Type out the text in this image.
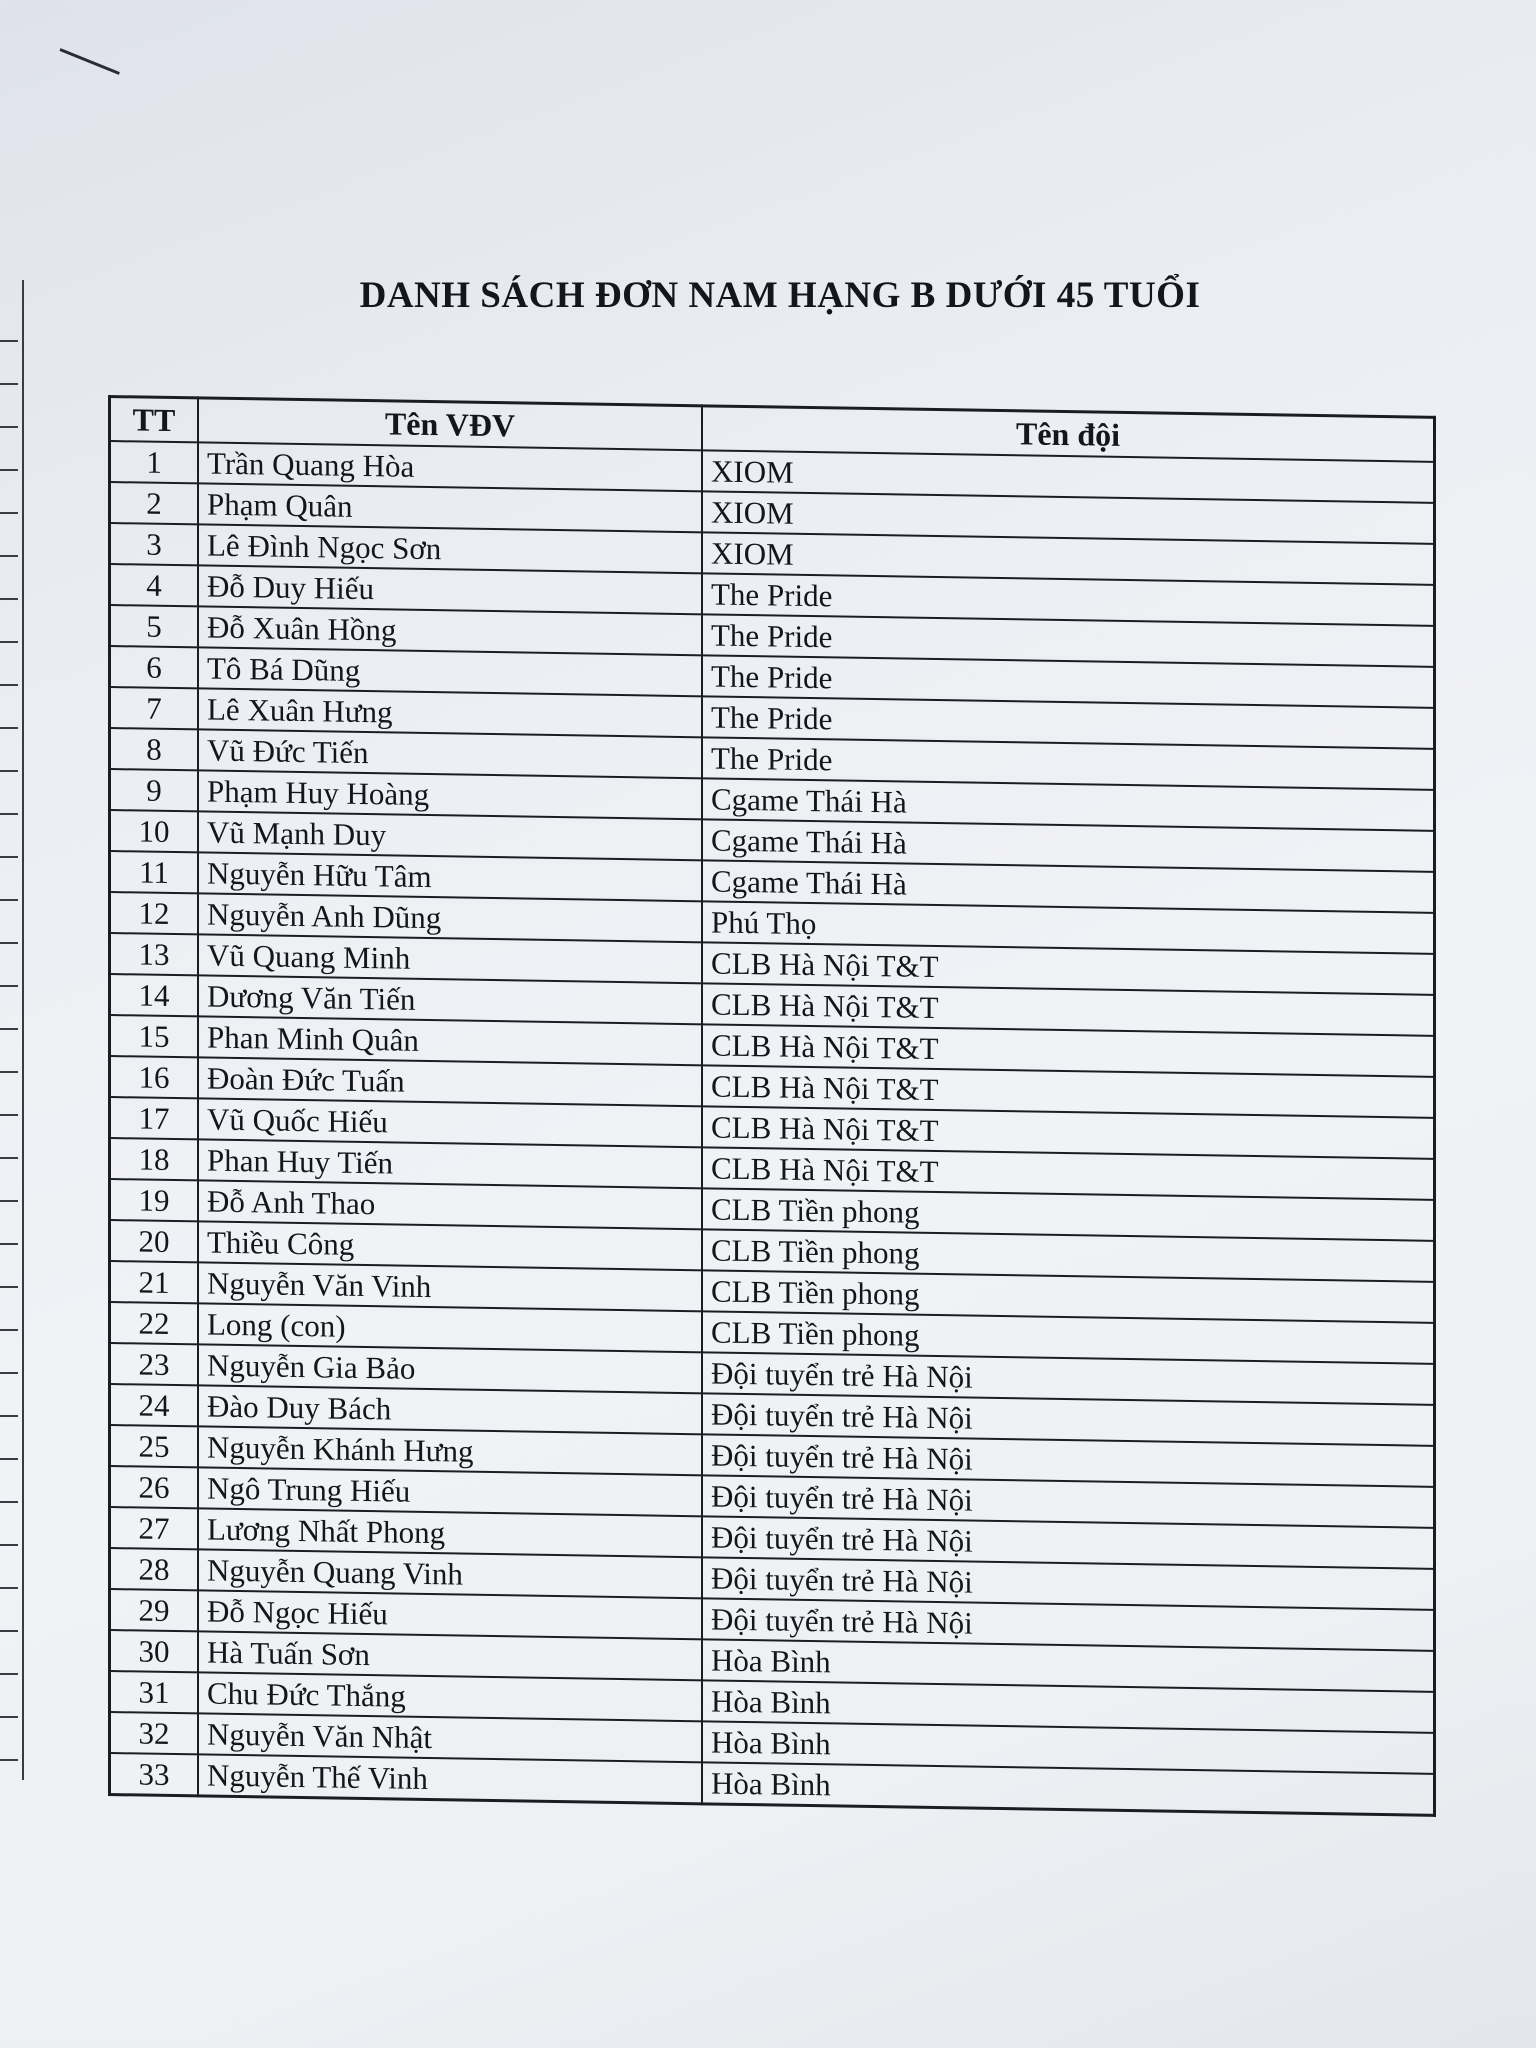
DANH SÁCH ĐƠN NAM HẠNG B DƯỚI 45 TUỔI
TT	Tên VĐV	Tên đội
1	Trần Quang Hòa	XIOM
2	Phạm Quân	XIOM
3	Lê Đình Ngọc Sơn	XIOM
4	Đỗ Duy Hiếu	The Pride
5	Đỗ Xuân Hồng	The Pride
6	Tô Bá Dũng	The Pride
7	Lê Xuân Hưng	The Pride
8	Vũ Đức Tiến	The Pride
9	Phạm Huy Hoàng	Cgame Thái Hà
10	Vũ Mạnh Duy	Cgame Thái Hà
11	Nguyễn Hữu Tâm	Cgame Thái Hà
12	Nguyễn Anh Dũng	Phú Thọ
13	Vũ Quang Minh	CLB Hà Nội T&T
14	Dương Văn Tiến	CLB Hà Nội T&T
15	Phan Minh Quân	CLB Hà Nội T&T
16	Đoàn Đức Tuấn	CLB Hà Nội T&T
17	Vũ Quốc Hiếu	CLB Hà Nội T&T
18	Phan Huy Tiến	CLB Hà Nội T&T
19	Đỗ Anh Thao	CLB Tiền phong
20	Thiều Công	CLB Tiền phong
21	Nguyễn Văn Vinh	CLB Tiền phong
22	Long (con)	CLB Tiền phong
23	Nguyễn Gia Bảo	Đội tuyển trẻ Hà Nội
24	Đào Duy Bách	Đội tuyển trẻ Hà Nội
25	Nguyễn Khánh Hưng	Đội tuyển trẻ Hà Nội
26	Ngô Trung Hiếu	Đội tuyển trẻ Hà Nội
27	Lương Nhất Phong	Đội tuyển trẻ Hà Nội
28	Nguyễn Quang Vinh	Đội tuyển trẻ Hà Nội
29	Đỗ Ngọc Hiếu	Đội tuyển trẻ Hà Nội
30	Hà Tuấn Sơn	Hòa Bình
31	Chu Đức Thắng	Hòa Bình
32	Nguyễn Văn Nhật	Hòa Bình
33	Nguyễn Thế Vinh	Hòa Bình
